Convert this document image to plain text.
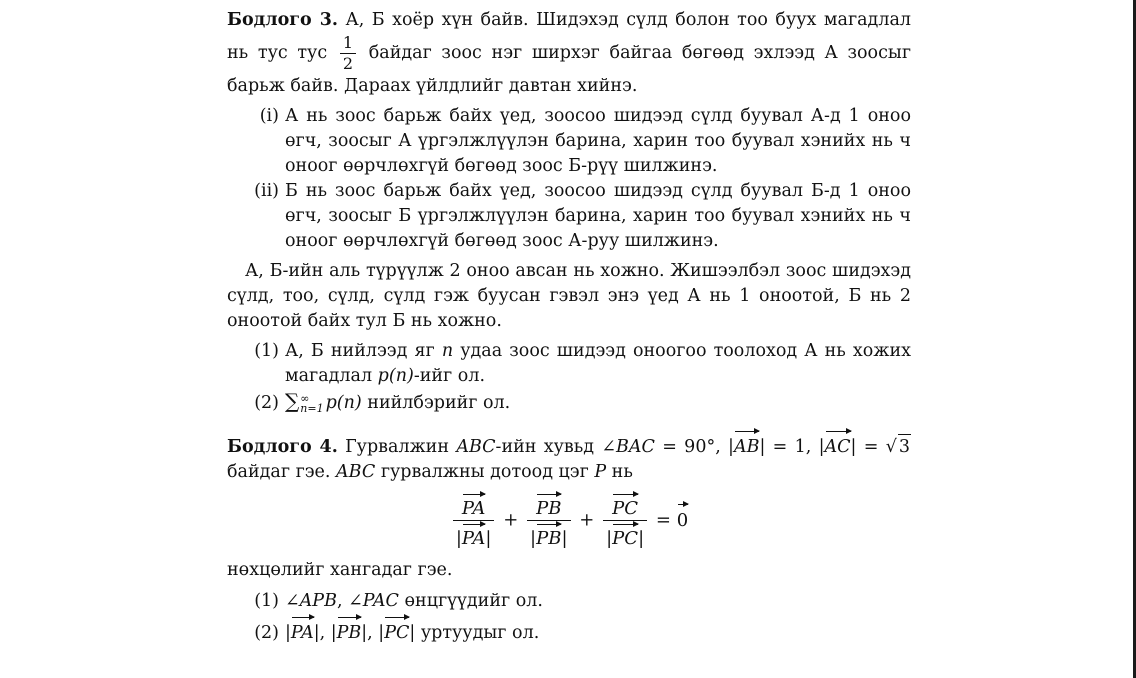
Бодлого 3. А, Б хоёр хүн байв. Шидэхэд сүлд болон тоо буух магадлал нь тус тус $\frac{1}{2}$ байдаг зоос нэг ширхэг байгаа бөгөөд эхлээд А зоосыг барьж байв. Дараах үйлдлийг давтан хийнэ.

(i) А нь зоос барьж байх үед, зоосоо шидээд сүлд буувал А-д 1 оноо өгч, зоосыг А үргэлжлүүлэн барина, харин тоо буувал хэнийх нь ч оноог өөрчлөхгүй бөгөөд зоос Б-рүү шилжинэ.
(ii) Б нь зоос барьж байх үед, зоосоо шидээд сүлд буувал Б-д 1 оноо өгч, зоосыг Б үргэлжлүүлэн барина, харин тоо буувал хэнийх нь ч оноог өөрчлөхгүй бөгөөд зоос А-руу шилжинэ.

А, Б-ийн аль түрүүлж 2 оноо авсан нь хожно. Жишээлбэл зоос шидэхэд сүлд, тоо, сүлд, сүлд гэж буусан гэвэл энэ үед А нь 1 оноотой, Б нь 2 оноотой байх тул Б нь хожно.

(1) А, Б нийлээд яг n удаа зоос шидээд оноогоо тоолоход А нь хожих магадлал p(n)-ийг ол.
(2) ∑ ∞
n=1 p(n) нийлбэрийг ол.

Бодлого 4. Гурвалжин ABC-ийн хувьд ∠BAC = 90°, |AB| = 1, |AC| = √ 3 байдаг гэе. ABC гурвалжны дотоод цэг P нь

$\frac{PA}{|PA|} + \frac{PB}{|PB|} + \frac{PC}{|PC|} = 0$

нөхцөлийг хангадаг гэе.

(1) ∠APB, ∠PAC өнцгүүдийг ол.
(2) |PA|, |PB|, |PC| уртуудыг ол.
